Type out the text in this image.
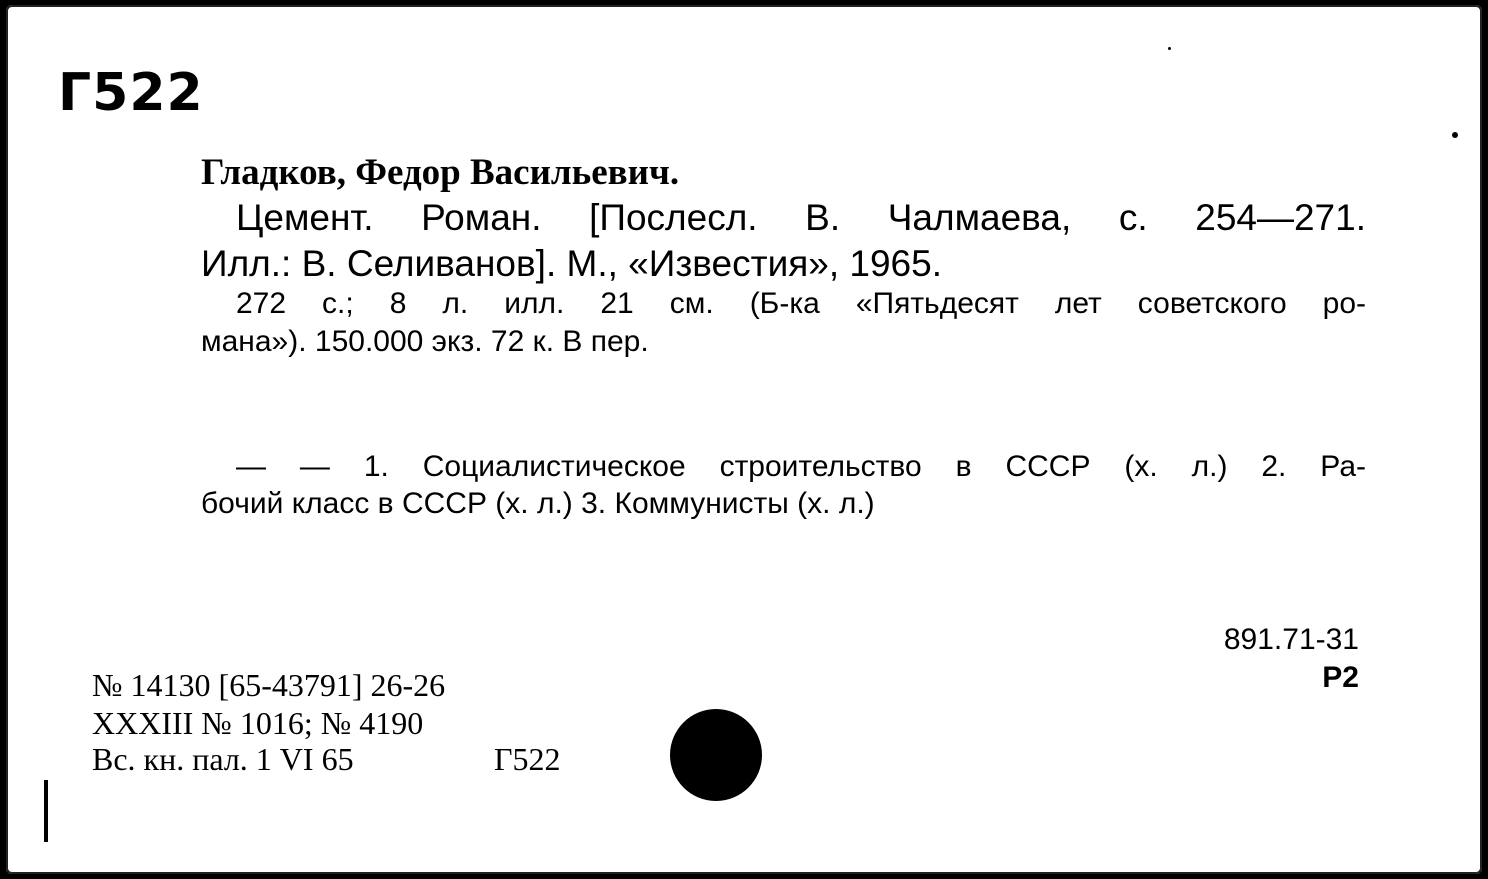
Г522
Гладков, Федор Васильевич.
Цемент. Роман. [Послесл. В. Чалмаева, с. 254—271.
Илл.: В. Селиванов]. М., «Известия», 1965.
272 с.; 8 л. илл. 21 см. (Б-ка «Пятьдесят лет советского ро-
мана»). 150.000 экз. 72 к. В пер.
— — 1. Социалистическое строительство в СССР (х. л.) 2. Ра-
бочий класс в СССР (х. л.) 3. Коммунисты (х. л.)
891.71-31
Р2
№ 14130 [65-43791] 26-26
XXXIII № 1016; № 4190
Вс. кн. пал. 1 VI 65	Г522
